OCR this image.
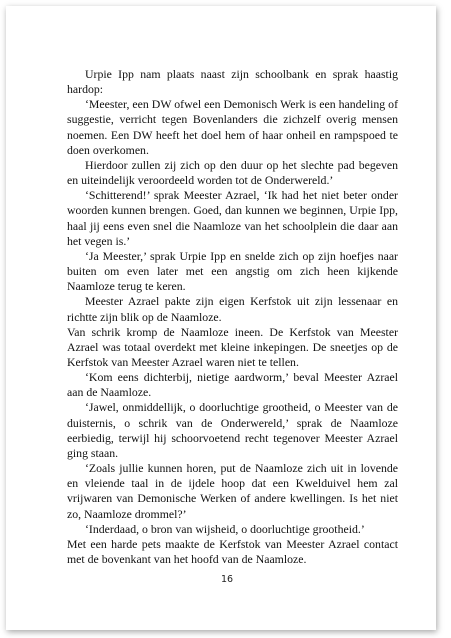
Urpie Ipp nam plaats naast zijn schoolbank en sprak haastig hardop:

‘Meester, een DW ofwel een Demonisch Werk is een handeling of suggestie, verricht tegen Bovenlanders die zichzelf overig mensen noemen. Een DW heeft het doel hem of haar onheil en rampspoed te doen overkomen.

Hierdoor zullen zij zich op den duur op het slechte pad begeven en uiteindelijk veroordeeld worden tot de Onderwereld.’

‘Schitterend!’ sprak Meester Azrael, ‘Ik had het niet beter onder woorden kunnen brengen. Goed, dan kunnen we beginnen, Urpie Ipp, haal jij eens even snel die Naamloze van het schoolplein die daar aan het vegen is.’

‘Ja Meester,’ sprak Urpie Ipp en snelde zich op zijn hoefjes naar buiten om even later met een angstig om zich heen kijkende Naamloze terug te keren.

Meester Azrael pakte zijn eigen Kerfstok uit zijn lessenaar en richtte zijn blik op de Naamloze.

Van schrik kromp de Naamloze ineen. De Kerfstok van Meester Azrael was totaal overdekt met kleine inkepingen. De sneetjes op de Kerfstok van Meester Azrael waren niet te tellen.

‘Kom eens dichterbij, nietige aardworm,’ beval Meester Azrael aan de Naamloze.

‘Jawel, onmiddellijk, o doorluchtige grootheid, o Meester van de duisternis, o schrik van de Onderwereld,’ sprak de Naamloze eerbiedig, terwijl hij schoorvoetend recht tegenover Meester Azrael ging staan.

‘Zoals jullie kunnen horen, put de Naamloze zich uit in lovende en vleiende taal in de ijdele hoop dat een Kwelduivel hem zal vrijwaren van Demonische Werken of andere kwellingen. Is het niet zo, Naamloze drommel?’

‘Inderdaad, o bron van wijsheid, o doorluchtige grootheid.’

Met een harde pets maakte de Kerfstok van Meester Azrael contact met de bovenkant van het hoofd van de Naamloze.

16
